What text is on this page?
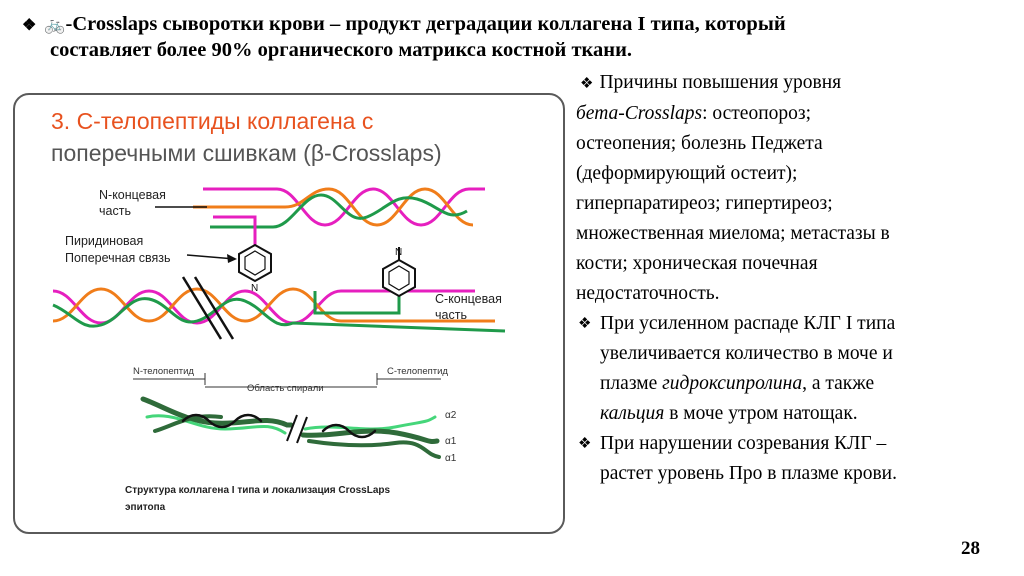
❖ 🚲-Crosslaps сыворотки крови – продукт деградации коллагена I типа, который
составляет более 90% органического матрикса костной ткани.
3. С-телопептиды коллагена с
поперечными сшивкам (β-Crosslaps)
N
N
N-концевая
часть
Пиридиновая
Поперечная связь
С-концевая
часть
N-телопептид
Область спирали
С-телопептид
α2
α1
α1
Структура коллагена I типа и локализация CrossLaps
эпитопа
❖ Причины повышения уровня
бета-Crosslaps: остеопороз;
остеопения; болезнь Педжета
(деформирующий остеит);
гиперпаратиреоз; гипертиреоз;
множественная миелома; метастазы в
кости; хроническая почечная
недостаточность.
❖ При усиленном распаде КЛГ I типа
увеличивается количество в моче и
плазме гидроксипролина, а также
кальция в моче утром натощак.
❖ При нарушении созревания КЛГ –
растет уровень Про в плазме крови.
28
